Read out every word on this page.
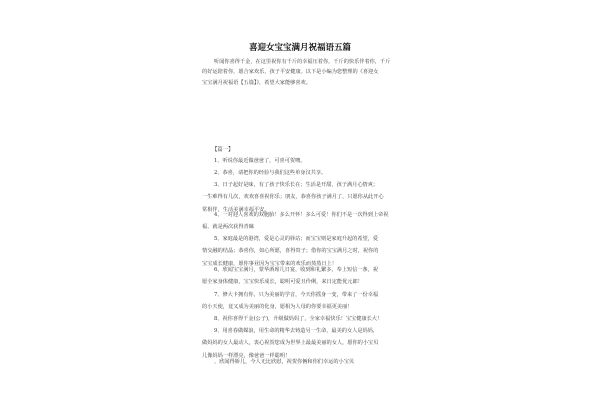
喜迎女宝宝满月祝福语五篇
听闻你喜得千金，在这里祝你有千斤的幸福压着你，千斤的快乐伴着你，千斤
的好运陪着你，愿合家欢乐，孩子平安健康。以下是小编为您整理的《喜迎女
宝宝满月祝福语【五篇】》，希望大家能够喜欢。
【篇一】
1、听说你最近做爸爸了，可喜可贺噢。
2、恭喜，请把你的经验与我们这些单身汉共享。
3、日子起好是味，有了孩子快乐长在；生活是开甜，孩子满月心情爽；
一生难得有几次，欢欢喜喜祝你乐；朋友，恭喜你孩子满月了，只愿你从此开心
常相伴，生活美满幸福平安。
4、一对迎人喜欢的双胞胎！多么开怀！多么可爱！你们不是一次得到上帝祝
福，就是两次获得青睐
5、家庭最是的港湾，爱是心灵的驿站；而宝宝则是家庭升起的希望，爱
情交融的结晶；恭喜你，如心所愿，喜得贵子；借你的宝宝满月之时，祝你的
宝宝成长健康，愿你事业因为宝宝带来的欢乐而蒸蒸日上！
6、欣闻宝宝满月，蒙华酒席几日宴，收到和礼繁多，奉上短信一条，祝
愿全家身体健康，宝宝快乐成长，聪明可爱且伶俐，来日定能优元郎！
7、修大卡拥有你，只为美丽的学音，今天你摇身一变，带来了一份幸福
的小天使，竟又成为美丽的化身，愿相为人母的你要幸福更美丽！
8、祝你喜得千金(公子)，升级做妈妈了，全家幸福快乐！宝宝健康长大！
9、用喜春做媒浪，用生命的精华去铸造另一生命，最美的女人是妈妈，
做妈妈的女人最动人，衷心祝贺您成为世界上最最美丽的女人，愿你的小宝贝
儿像妈妈一样漂亮，像爸爸一样聪明！
、欣闻得娇儿，今人无比欣慰，祝贺你俩和你们幸运的小宝贝
